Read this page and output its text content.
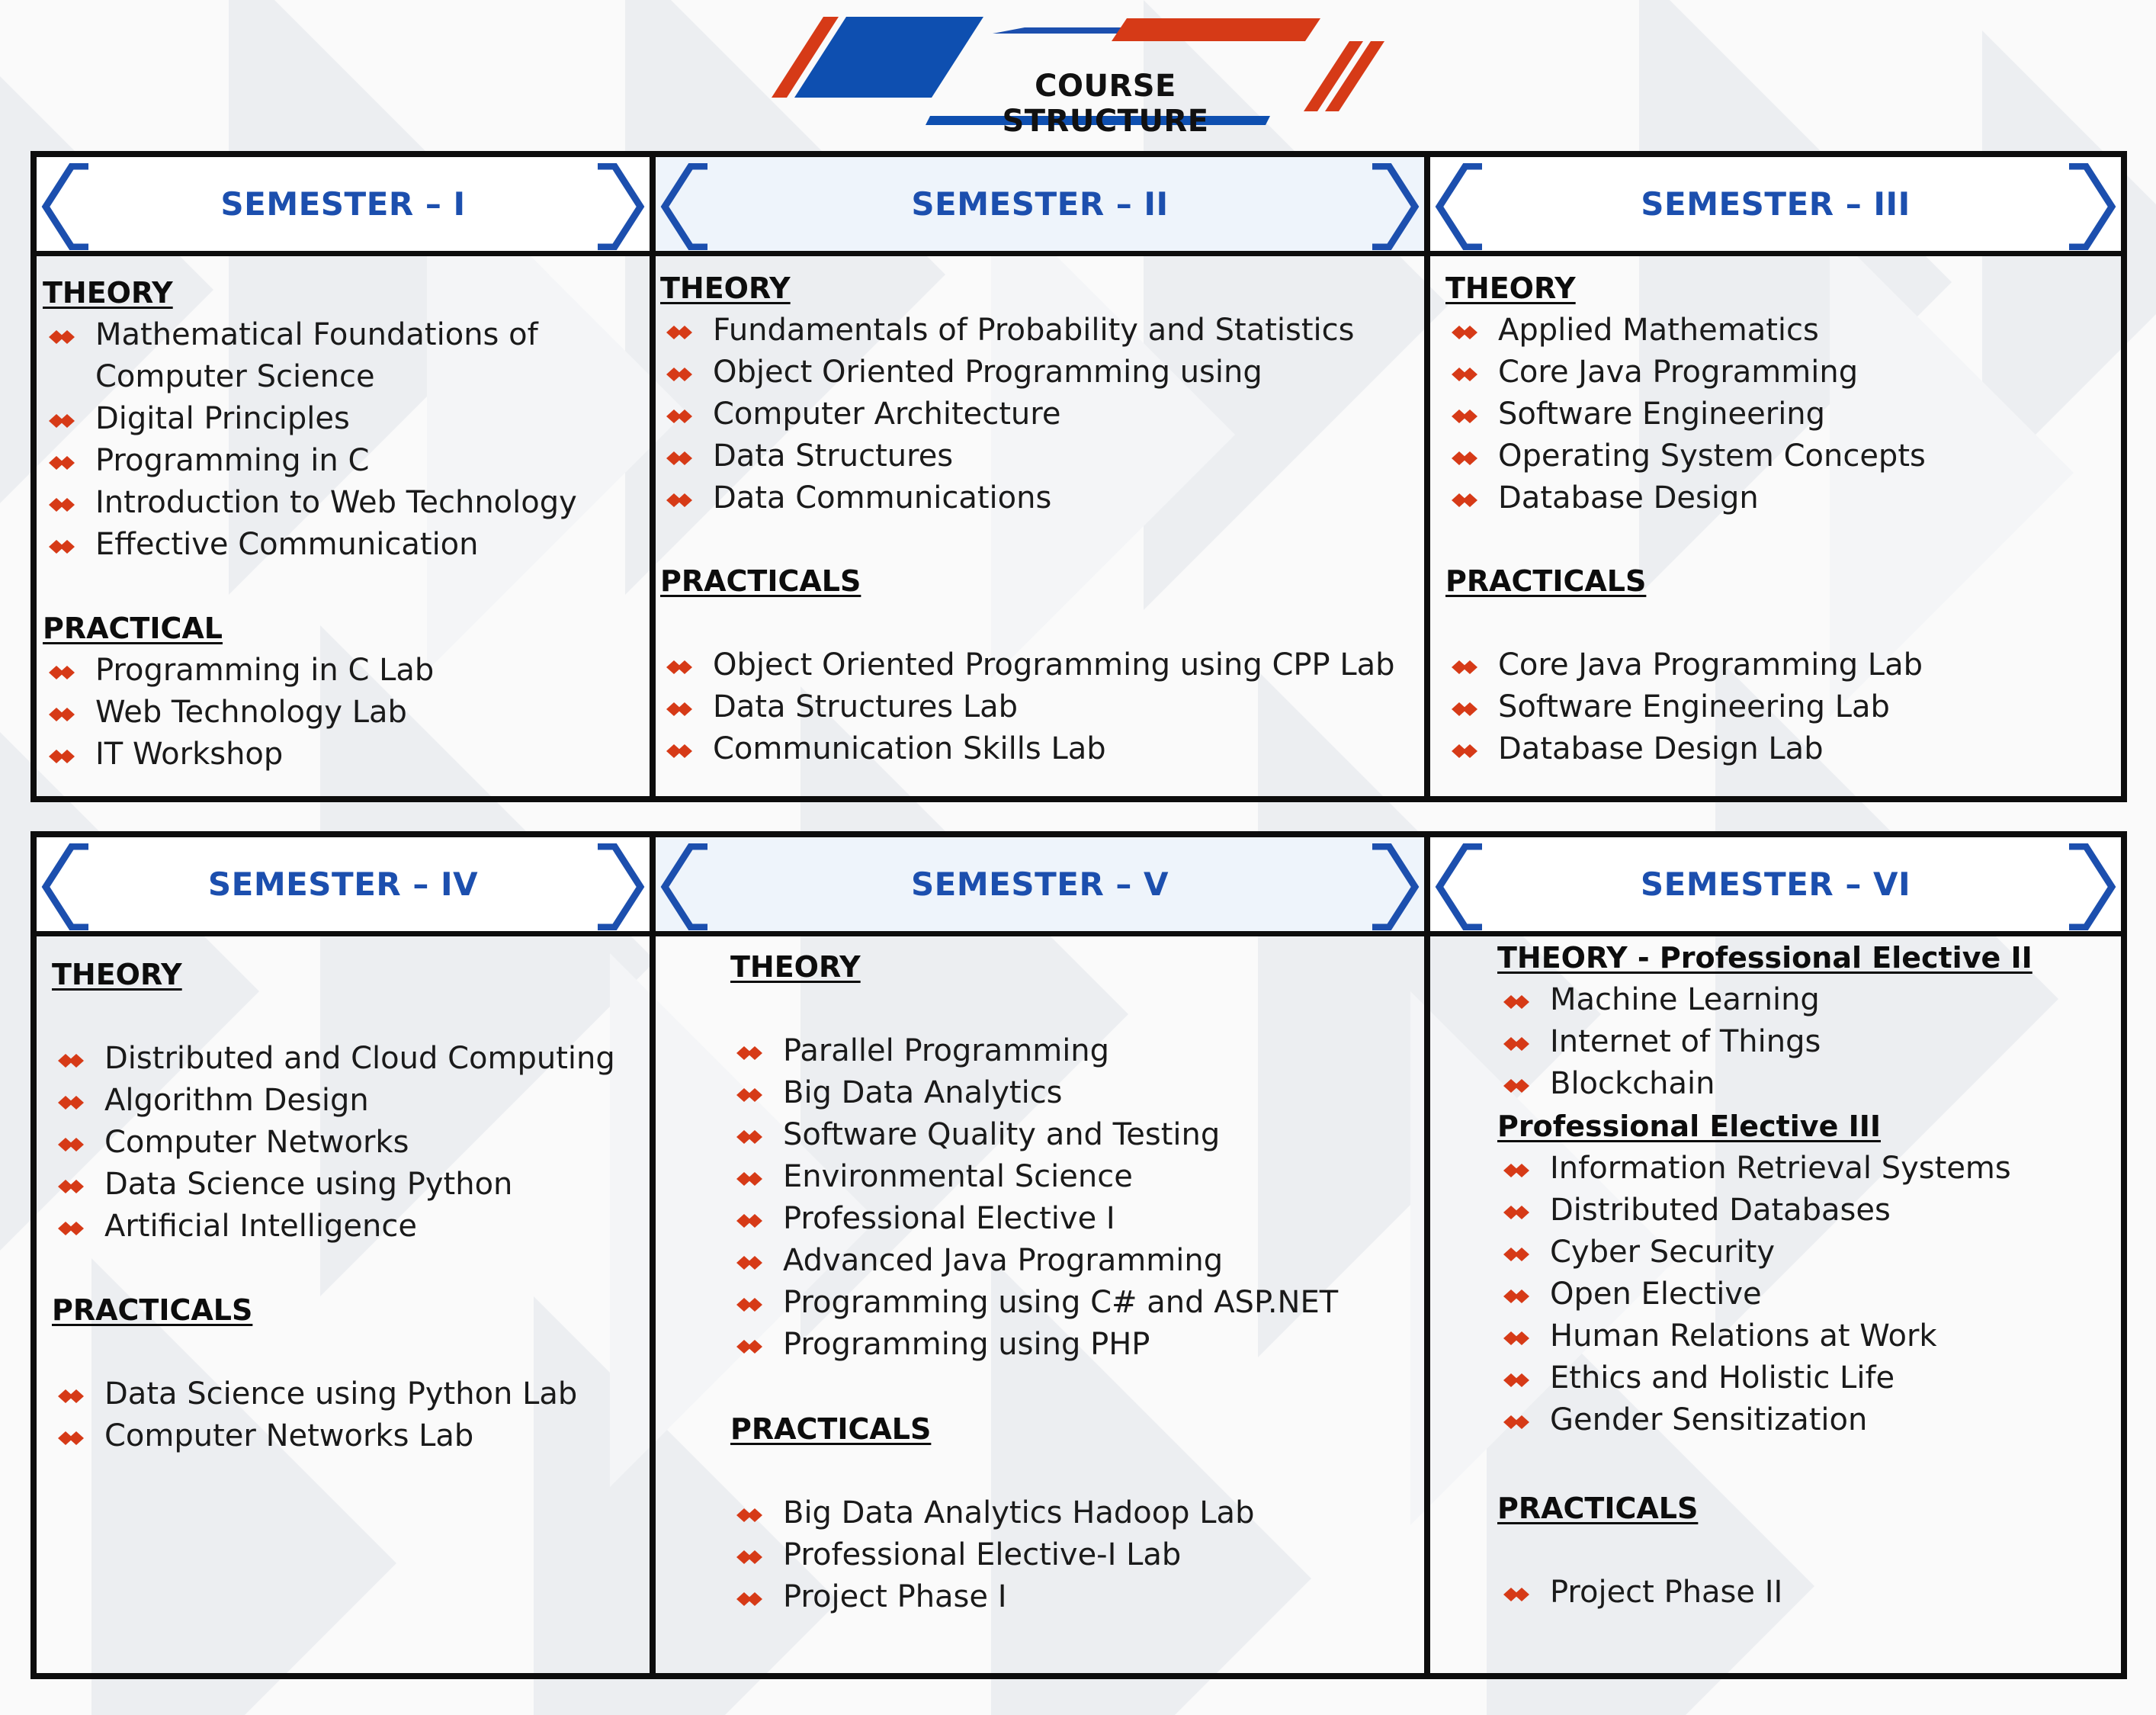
COURSE STRUCTURE
SEMESTER – I	SEMESTER – II	SEMESTER – III
THEORY
Mathematical Foundations of Computer Science
Digital Principles
Programming in C
Introduction to Web Technology
Effective Communication
PRACTICAL
Programming in C Lab
Web Technology Lab
IT Workshop
THEORY
Fundamentals of Probability and Statistics
Object Oriented Programming using
Computer Architecture
Data Structures
Data Communications
PRACTICALS
Object Oriented Programming using CPP Lab
Data Structures Lab
Communication Skills Lab
THEORY
Applied Mathematics
Core Java Programming
Software Engineering
Operating System Concepts
Database Design
PRACTICALS
Core Java Programming Lab
Software Engineering Lab
Database Design Lab
SEMESTER – IV	SEMESTER – V	SEMESTER – VI
THEORY
Distributed and Cloud Computing
Algorithm Design
Computer Networks
Data Science using Python
Artificial Intelligence
PRACTICALS
Data Science using Python Lab
Computer Networks Lab
THEORY
Parallel Programming
Big Data Analytics
Software Quality and Testing
Environmental Science
Professional Elective I
Advanced Java Programming
Programming using C# and ASP.NET
Programming using PHP
PRACTICALS
Big Data Analytics Hadoop Lab
Professional Elective-I Lab
Project Phase I
THEORY - Professional Elective II
Machine Learning
Internet of Things
Blockchain
Professional Elective III
Information Retrieval Systems
Distributed Databases
Cyber Security
Open Elective
Human Relations at Work
Ethics and Holistic Life
Gender Sensitization
PRACTICALS
Project Phase II
